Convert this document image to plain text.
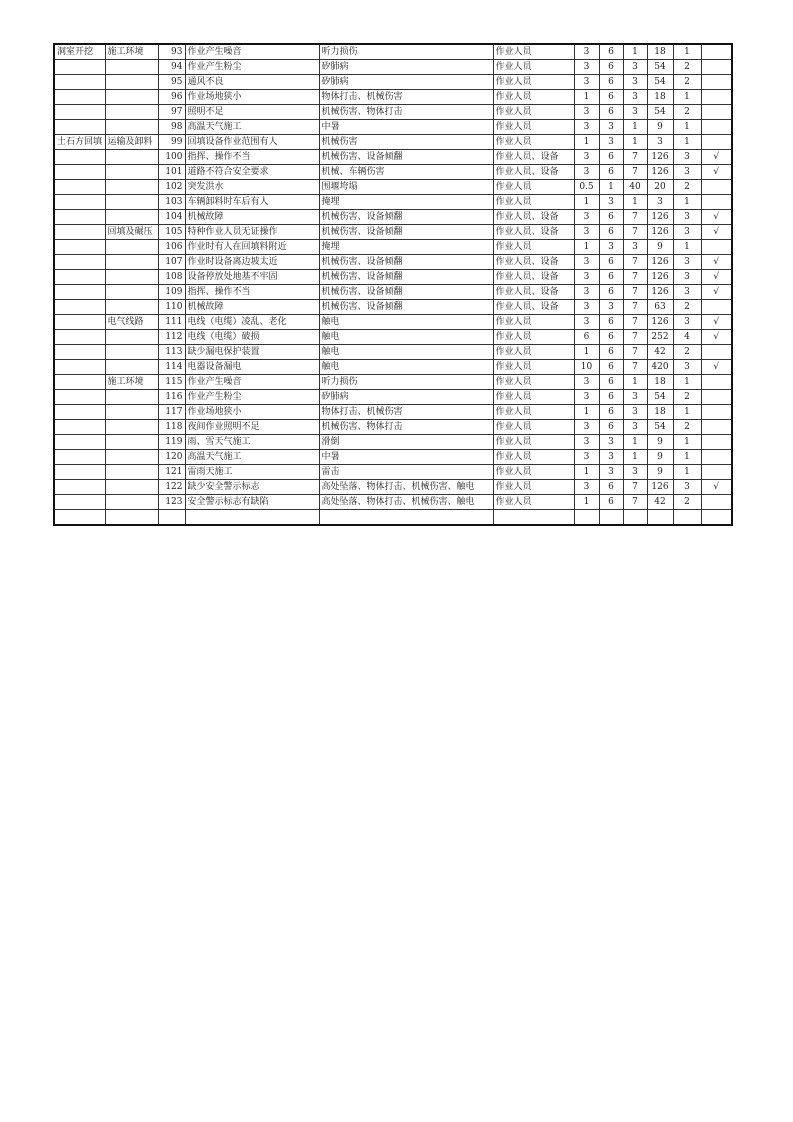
洞室开挖	施工环境	93	作业产生噪音	听力损伤	作业人员	3	6	1	18	1	
		94	作业产生粉尘	矽肺病	作业人员	3	6	3	54	2	
		95	通风不良	矽肺病	作业人员	3	6	3	54	2	
		96	作业场地狭小	物体打击、机械伤害	作业人员	1	6	3	18	1	
		97	照明不足	机械伤害、物体打击	作业人员	3	6	3	54	2	
		98	高温天气施工	中暑	作业人员	3	3	1	9	1	
土石方回填	运输及卸料	99	回填设备作业范围有人	机械伤害	作业人员	1	3	1	3	1	
		100	指挥、操作不当	机械伤害、设备倾翻	作业人员、设备	3	6	7	126	3	√
		101	道路不符合安全要求	机械、车辆伤害	作业人员、设备	3	6	7	126	3	√
		102	突发洪水	围堰垮塌	作业人员	0.5	1	40	20	2	
		103	车辆卸料时车后有人	掩埋	作业人员	1	3	1	3	1	
		104	机械故障	机械伤害、设备倾翻	作业人员、设备	3	6	7	126	3	√
	回填及碾压	105	特种作业人员无证操作	机械伤害、设备倾翻	作业人员、设备	3	6	7	126	3	√
		106	作业时有人在回填料附近	掩埋	作业人员	1	3	3	9	1	
		107	作业时设备离边坡太近	机械伤害、设备倾翻	作业人员、设备	3	6	7	126	3	√
		108	设备停放处地基不牢固	机械伤害、设备倾翻	作业人员、设备	3	6	7	126	3	√
		109	指挥、操作不当	机械伤害、设备倾翻	作业人员、设备	3	6	7	126	3	√
		110	机械故障	机械伤害、设备倾翻	作业人员、设备	3	3	7	63	2	
	电气线路	111	电线（电缆）凌乱、老化	触电	作业人员	3	6	7	126	3	√
		112	电线（电缆）破损	触电	作业人员	6	6	7	252	4	√
		113	缺少漏电保护装置	触电	作业人员	1	6	7	42	2	
		114	电器设备漏电	触电	作业人员	10	6	7	420	3	√
	施工环境	115	作业产生噪音	听力损伤	作业人员	3	6	1	18	1	
		116	作业产生粉尘	矽肺病	作业人员	3	6	3	54	2	
		117	作业场地狭小	物体打击、机械伤害	作业人员	1	6	3	18	1	
		118	夜间作业照明不足	机械伤害、物体打击	作业人员	3	6	3	54	2	
		119	雨、雪天气施工	滑倒	作业人员	3	3	1	9	1	
		120	高温天气施工	中暑	作业人员	3	3	1	9	1	
		121	雷雨天施工	雷击	作业人员	1	3	3	9	1	
		122	缺少安全警示标志	高处坠落、物体打击、机械伤害、触电	作业人员	3	6	7	126	3	√
		123	安全警示标志有缺陷	高处坠落、物体打击、机械伤害、触电	作业人员	1	6	7	42	2	
